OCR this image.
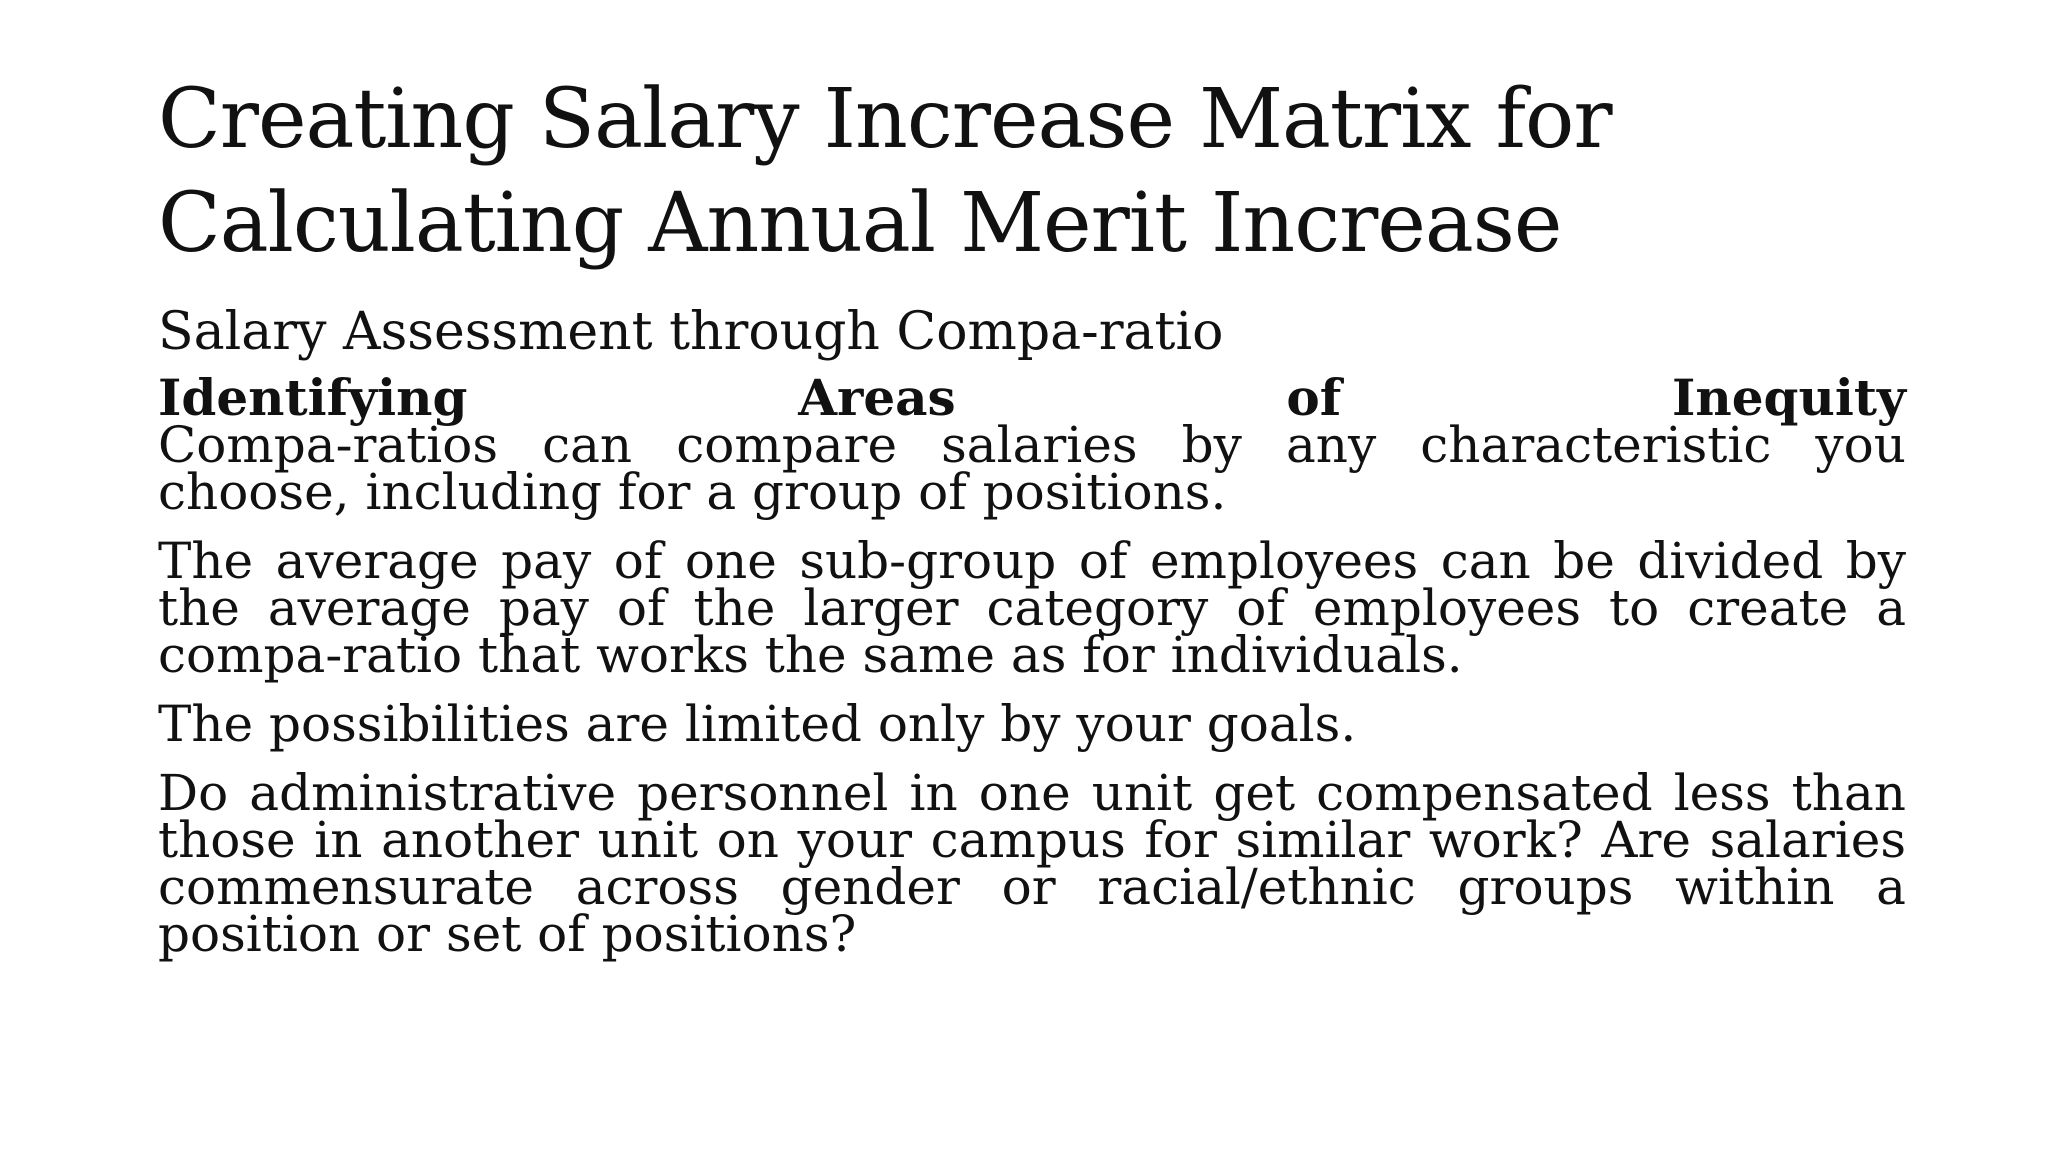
Creating Salary Increase Matrix for
Calculating Annual Merit Increase

Salary Assessment through Compa-ratio

Identifying	Areas	of	Inequity

Compa-ratios can compare salaries by any characteristic you choose, including for a group of positions.

The average pay of one sub-group of employees can be divided by the average pay of the larger category of employees to create a compa-ratio that works the same as for individuals.

The possibilities are limited only by your goals.

Do administrative personnel in one unit get compensated less than those in another unit on your campus for similar work? Are salaries commensurate across gender or racial/ethnic groups within a position or set of positions?
